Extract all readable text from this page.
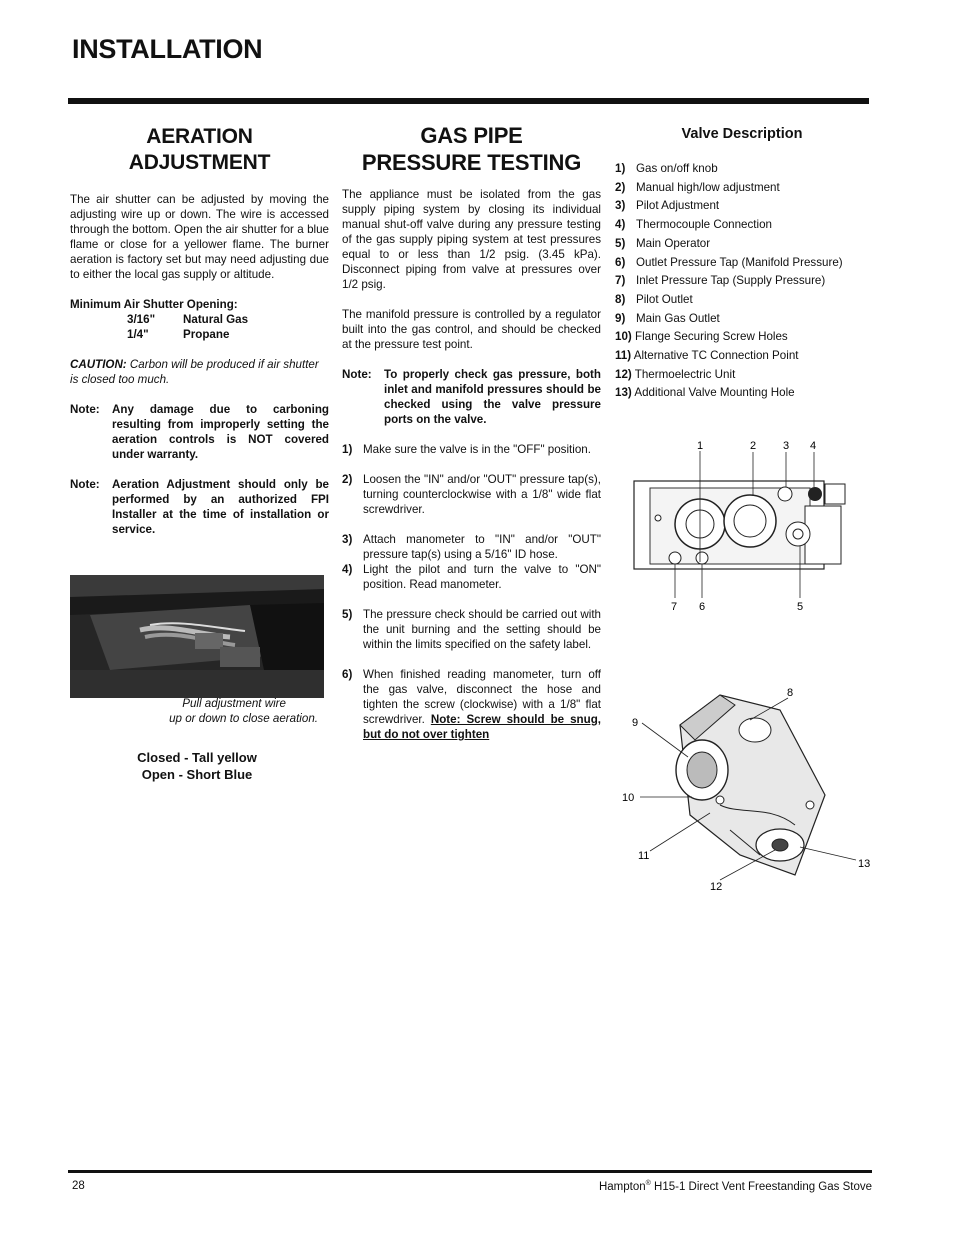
INSTALLATION
AERATION
ADJUSTMENT

The air shutter can be adjusted by moving the adjusting wire up or down. The wire is accessed through the bottom. Open the air shutter for a blue flame or close for a yellower flame. The burner aeration is factory set but may need adjusting due to either the local gas supply or altitude.

Minimum Air Shutter Opening:
3/16"	Natural Gas
1/4"	Propane

CAUTION: Carbon will be produced if air shutter is closed too much.

Note:	Any damage due to carboning resulting from improperly setting the aeration controls is NOT covered under warranty.
Note:	Aeration Adjustment should only be performed by an authorized FPI Installer at the time of installation or service.
Pull adjustment wire
up or down to close aeration.
Closed - Tall yellow
Open - Short Blue
GAS PIPE
PRESSURE TESTING

The appliance must be isolated from the gas supply piping system by closing its individual manual shut-off valve during any pressure testing of the gas supply piping system at test pressures equal to or less than 1/2 psig. (3.45 kPa). Disconnect piping from valve at pressures over 1/2 psig.

The manifold pressure is controlled by a regulator built into the gas control, and should be checked at the pressure test point.

Note:	To properly check gas pressure, both inlet and manifold pressures should be checked using the valve pressure ports on the valve.
1) Make sure the valve is in the "OFF" position.
2) Loosen the "IN" and/or "OUT" pressure tap(s), turning counterclockwise with a 1/8" wide flat screwdriver.
3) Attach manometer to "IN" and/or "OUT" pressure tap(s) using a 5/16" ID hose.
4) Light the pilot and turn the valve to "ON" position. Read manometer.
5) The pressure check should be carried out with the unit burning and the setting should be within the limits specified on the safety label.
6) When finished reading manometer, turn off the gas valve, disconnect the hose and tighten the screw (clockwise) with a 1/8" flat screwdriver. Note: Screw should be snug, but do not over tighten
Valve Description
1) Gas on/off knob
2) Manual high/low adjustment
3) Pilot Adjustment
4) Thermocouple Connection
5) Main Operator
6) Outlet Pressure Tap (Manifold Pressure)
7) Inlet Pressure Tap (Supply Pressure)
8) Pilot Outlet
9) Main Gas Outlet
10) Flange Securing Screw Holes
11) Alternative TC Connection Point
12) Thermoelectric Unit
13) Additional Valve Mounting Hole
1	2 3 4
5
6
7
8
9
10
11
12
13
28	Hampton® H15-1 Direct Vent Freestanding Gas Stove
